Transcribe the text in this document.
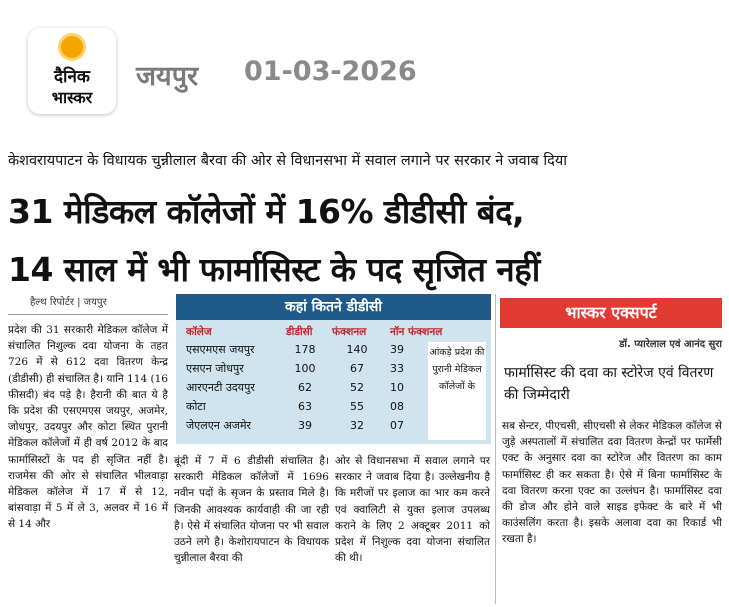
दैनिक
भास्कर
जयपुर 01-03-2026
केशवरायपाटन के विधायक चुन्नीलाल बैरवा की ओर से विधानसभा में सवाल लगाने पर सरकार ने जवाब दिया
31 मेडिकल कॉलेजों में 16% डीडीसी बंद,
14 साल में भी फार्मासिस्ट के पद सृजित नहीं
हैल्थ रिपोर्टर | जयपुर
प्रदेश की 31 सरकारी मेडिकल कॉलेज में संचालित निशुल्क दवा योजना के तहत 726 में से 612 दवा वितरण केन्द्र (डीडीसी) ही संचालित है। यानि 114 (16 फीसदी) बंद पड़े है। हैरानी की बात ये है कि प्रदेश की एसएमएस जयपुर, अजमेर, जोधपुर, उदयपुर और कोटा स्थित पुरानी मेडिकल कॉलेजों में ही वर्ष 2012 के बाद फार्मासिस्टों के पद ही सृजित नहीं है। राजमेस की ओर से संचालित भीलवाड़ा मेडिकल कॉलेज में 17 में से 12, बांसवाड़ा में 5 में ले 3, अलवर में 16 में से 14 और
कहां कितने डीडीसी
कॉलेज	डीडीसी	फंक्शनल	नॉन फंक्शनल
एसएमएस जयपुर	178	140	39
एसएन जोधपुर	100	67	33
आरएनटी उदयपुर	62	52	10
कोटा	63	55	08
जेएलएन अजमेर	39	32	07
आंकड़े प्रदेश की पुरानी मेडिकल कॉलेजों के
बूंदी में 7 में 6 डीडीसी संचालित है। सरकारी मेडिकल कॉलेजों में 1696 नवीन पदों के सृजन के प्रस्ताव मिले है। जिनकी आवश्यक कार्यवाही की जा रही है। ऐसे में संचालित योजना पर भी सवाल उठने लगे है। केशोरायपाटन के विधायक चुन्नीलाल बैरवा की
ओर से विधानसभा में सवाल लगाने पर सरकार ने जवाब दिया है। उल्लेखनीय है कि मरीजों पर इलाज का भार कम करने एवं क्वालिटी से युक्त इलाज उपलब्ध कराने के लिए 2 अक्टूबर 2011 को प्रदेश में निशुल्क दवा योजना संचालित की थी।
भास्कर एक्सपर्ट
डॉ. प्यारेलाल एवं आनंद सुरा
फार्मासिस्ट की दवा का स्टोरेज एवं वितरण की जिम्मेदारी
सब सेन्टर, पीएचसी, सीएचसी से लेकर मेडिकल कॉलेज से जुड़े अस्पतालों में संचालित दवा वितरण केन्द्रों पर फार्मेसी एक्ट के अनुसार दवा का स्टोरेज और वितरण का काम फार्मासिस्ट ही कर सकता है। ऐसे में बिना फार्मासिस्ट के दवा वितरण करना एक्ट का उल्लंघन है। फार्मासिस्ट दवा की डोज और होने वाले साइड इफेक्ट के बारे में भी काउंसलिंग करता है। इसके अलावा दवा का रिकार्ड भी रखता है।
